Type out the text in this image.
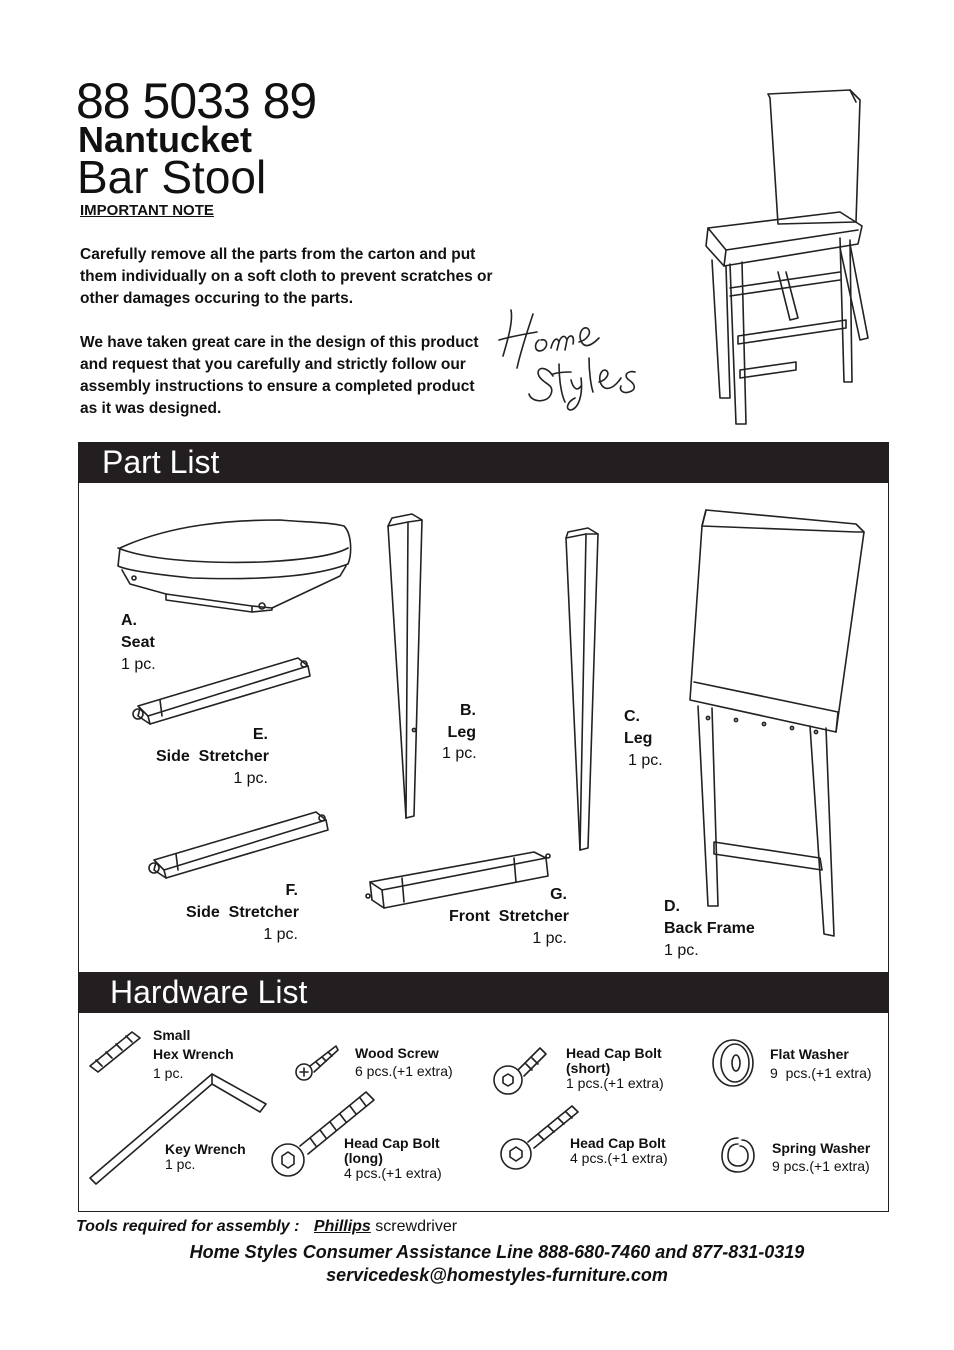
88 5033 89
Nantucket
Bar Stool
IMPORTANT NOTE
Carefully remove all the parts from the carton and put them individually on a soft cloth to prevent scratches or other damages occuring to the parts.
We have taken great care in the design of this product and request that you carefully and strictly follow our assembly instructions to ensure a completed product as it was designed.
Part List
Hardware List
A.
Seat
1 pc.
E.
Side  Stretcher
1 pc.
F.
Side  Stretcher
1 pc.
B.
Leg
1 pc.
C.
Leg
1 pc.
G.
Front  Stretcher
1 pc.
D.
Back Frame
1 pc.
Small
Hex Wrench
1 pc.
Key Wrench
1 pc.
Wood Screw
6 pcs.(+1 extra)
Head Cap Bolt
(long)
4 pcs.(+1 extra)
Head Cap Bolt
(short)
1 pcs.(+1 extra)
Head Cap Bolt
4 pcs.(+1 extra)
Flat Washer
9  pcs.(+1 extra)
Spring Washer
9 pcs.(+1 extra)
Tools required for assembly : Phillips screwdriver
Home Styles Consumer Assistance Line 888-680-7460 and 877-831-0319
servicedesk@homestyles-furniture.com
